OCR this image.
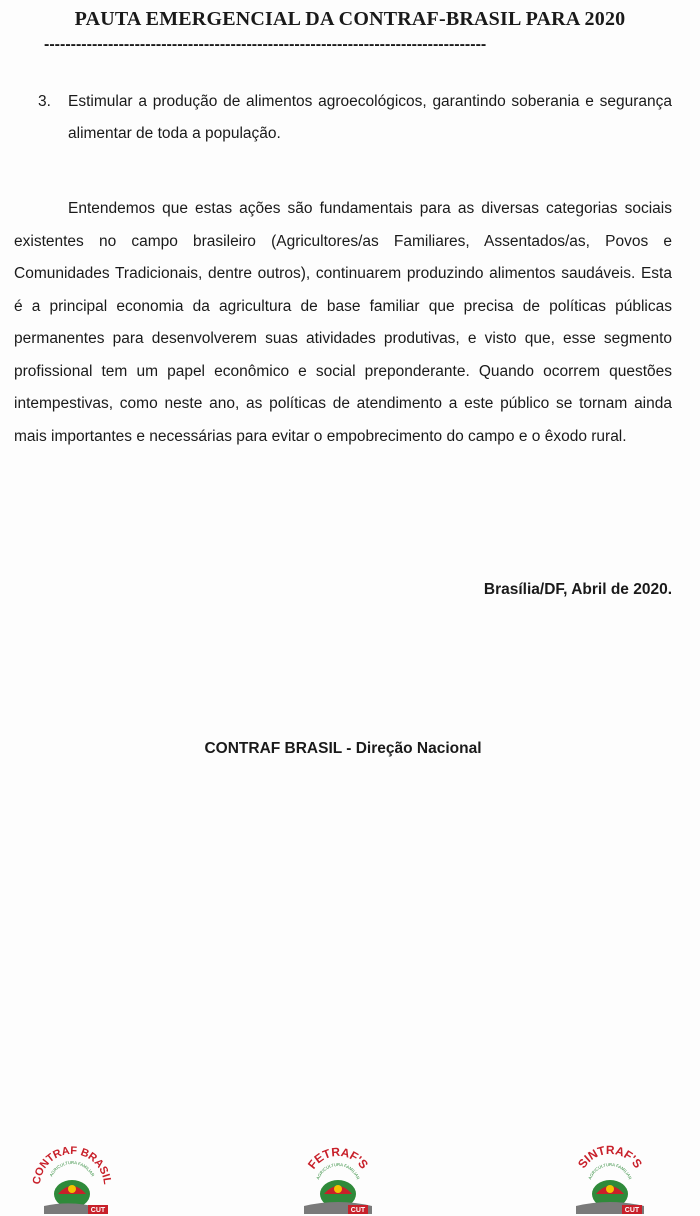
PAUTA EMERGENCIAL DA CONTRAF-BRASIL PARA 2020
-----------------------------------------------------------------------------------
3. Estimular a produção de alimentos agroecológicos, garantindo soberania e segurança alimentar de toda a população.

Entendemos que estas ações são fundamentais para as diversas categorias sociais existentes no campo brasileiro (Agricultores/as Familiares, Assentados/as, Povos e Comunidades Tradicionais, dentre outros), continuarem produzindo alimentos saudáveis. Esta é a principal economia da agricultura de base familiar que precisa de políticas públicas permanentes para desenvolverem suas atividades produtivas, e visto que, esse segmento profissional tem um papel econômico e social preponderante. Quando ocorrem questões intempestivas, como neste ano, as políticas de atendimento a este público se tornam ainda mais importantes e necessárias para evitar o empobrecimento do campo e o êxodo rural.

Brasília/DF, Abril de 2020.
CONTRAF BRASIL - Direção Nacional
CONTRAF BRASIL
AGRICULTURA FAMILIAR
CUT
FETRAF'S
AGRICULTURA FAMILIAR
CUT
SINTRAF'S
AGRICULTURA FAMILIAR
CUT
